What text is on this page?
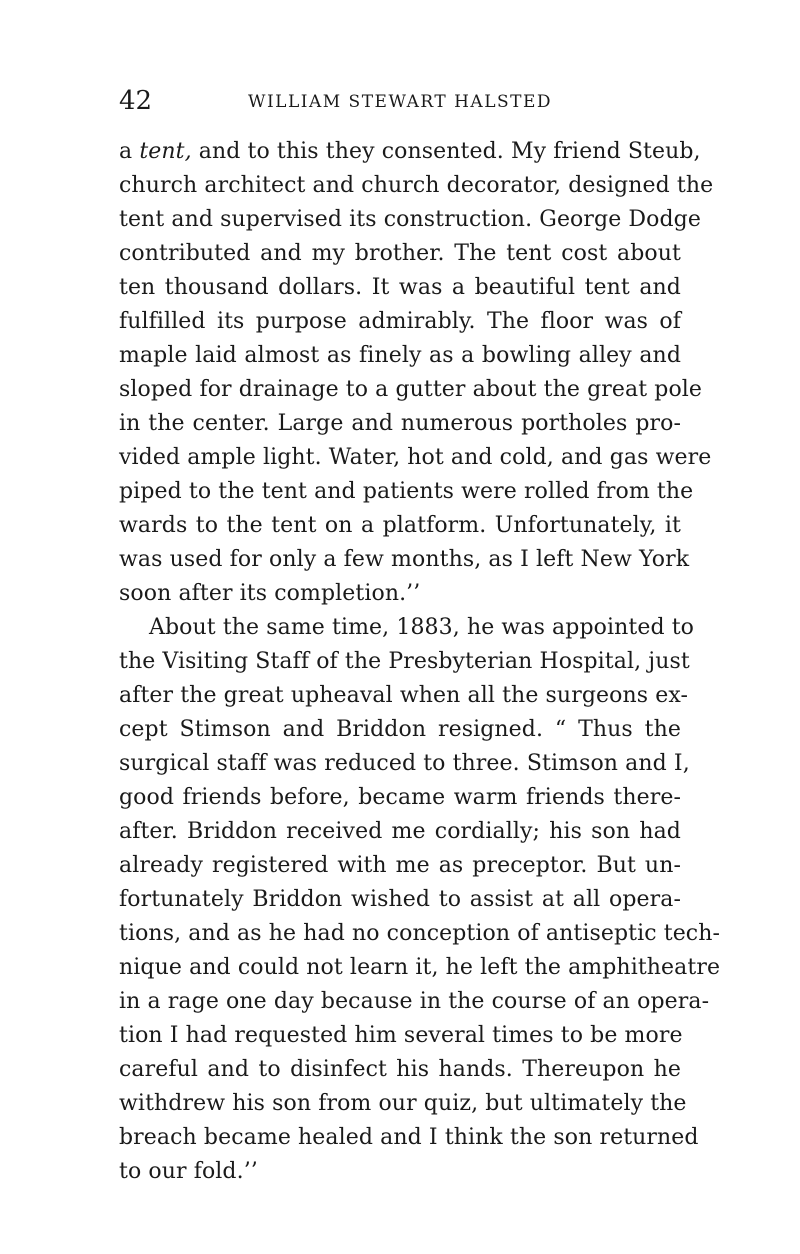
42	WILLIAM STEWART HALSTED
a tent, and to this they consented. My friend Steub,
church architect and church decorator, designed the
tent and supervised its construction. George Dodge
contributed and my brother. The tent cost about
ten thousand dollars. It was a beautiful tent and
fulfilled its purpose admirably. The floor was of
maple laid almost as finely as a bowling alley and
sloped for drainage to a gutter about the great pole
in the center. Large and numerous portholes pro-
vided ample light. Water, hot and cold, and gas were
piped to the tent and patients were rolled from the
wards to the tent on a platform. Unfortunately, it
was used for only a few months, as I left New York
soon after its completion.’’
About the same time, 1883, he was appointed to
the Visiting Staff of the Presbyterian Hospital, just
after the great upheaval when all the surgeons ex-
cept Stimson and Briddon resigned. “ Thus the
surgical staff was reduced to three. Stimson and I,
good friends before, became warm friends there-
after. Briddon received me cordially; his son had
already registered with me as preceptor. But un-
fortunately Briddon wished to assist at all opera-
tions, and as he had no conception of antiseptic tech-
nique and could not learn it, he left the amphitheatre
in a rage one day because in the course of an opera-
tion I had requested him several times to be more
careful and to disinfect his hands. Thereupon he
withdrew his son from our quiz, but ultimately the
breach became healed and I think the son returned
to our fold.’’
